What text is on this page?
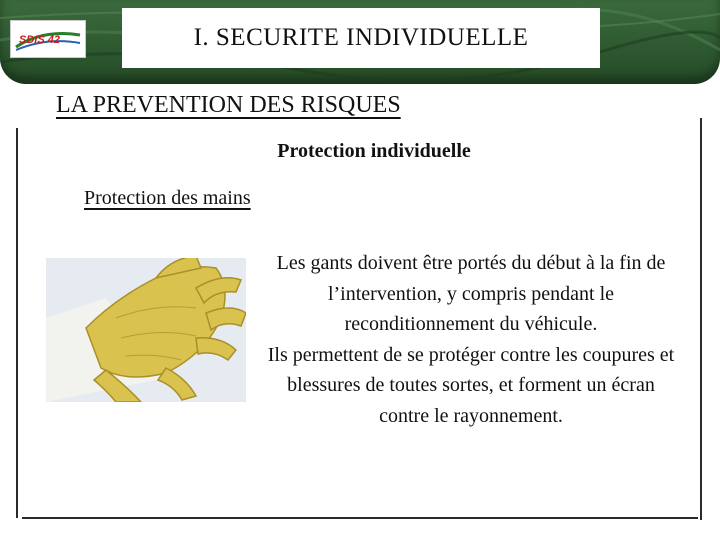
SDIS 42	I. SECURITE INDIVIDUELLE
LA PREVENTION DES RISQUES
Protection individuelle
Protection des mains

Les gants doivent être portés du début à la fin de l’intervention, y compris pendant le reconditionnement du véhicule.

Ils permettent de se protéger contre les coupures et blessures de toutes sortes, et forment un écran contre le rayonnement.
